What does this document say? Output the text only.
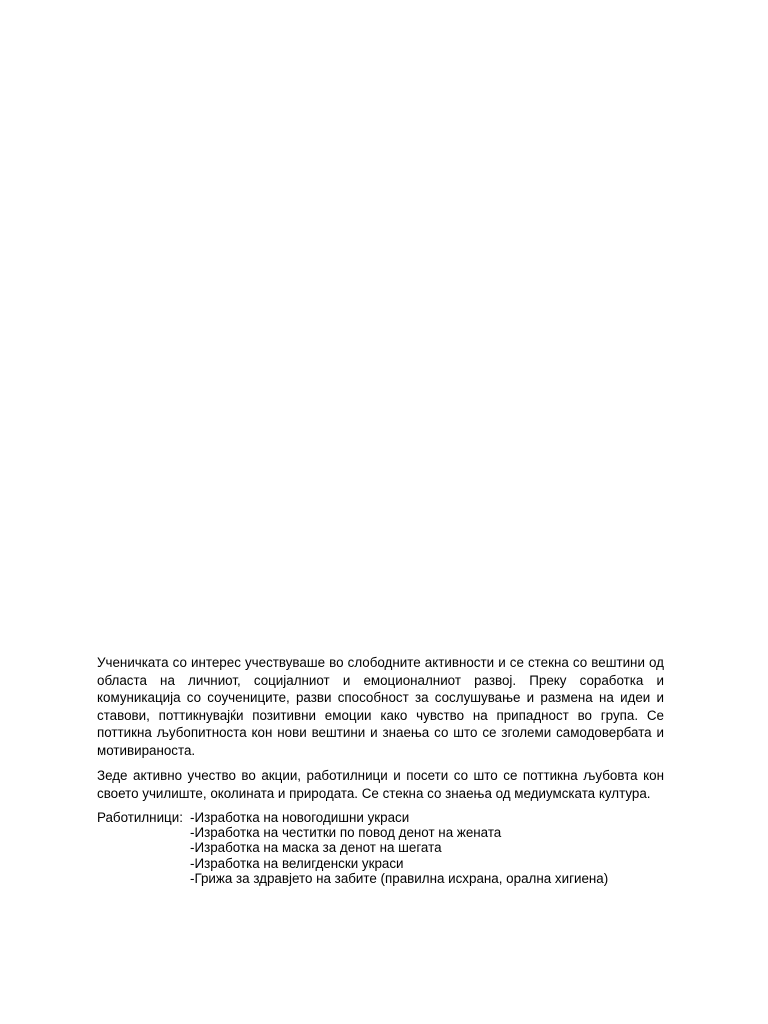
Ученичката со интерес учествуваше во слободните активности и се стекна со вештини од областа на личниот, социјалниот и емоционалниот развој. Преку соработка и комуникација со соучениците, разви способност за сослушување и размена на идеи и ставови, поттикнувајќи позитивни емоции како чувство на припадност во група. Се поттикна љубопитноста кон нови вештини и знаења со што се зголеми самодовербата и мотивираноста.

Зеде активно учество во акции, работилници и посети со што се поттикна љубовта кон своето училиште, околината и природата. Се стекна со знаења од медиумската култура.

Работилници: -Изработка на новогодишни украси
-Изработка на честитки по повод денот на жената
-Изработка на маска за денот на шегата
-Изработка на велигденски украси
-Грижа за здравјето на забите (правилна исхрана, орална хигиена)
